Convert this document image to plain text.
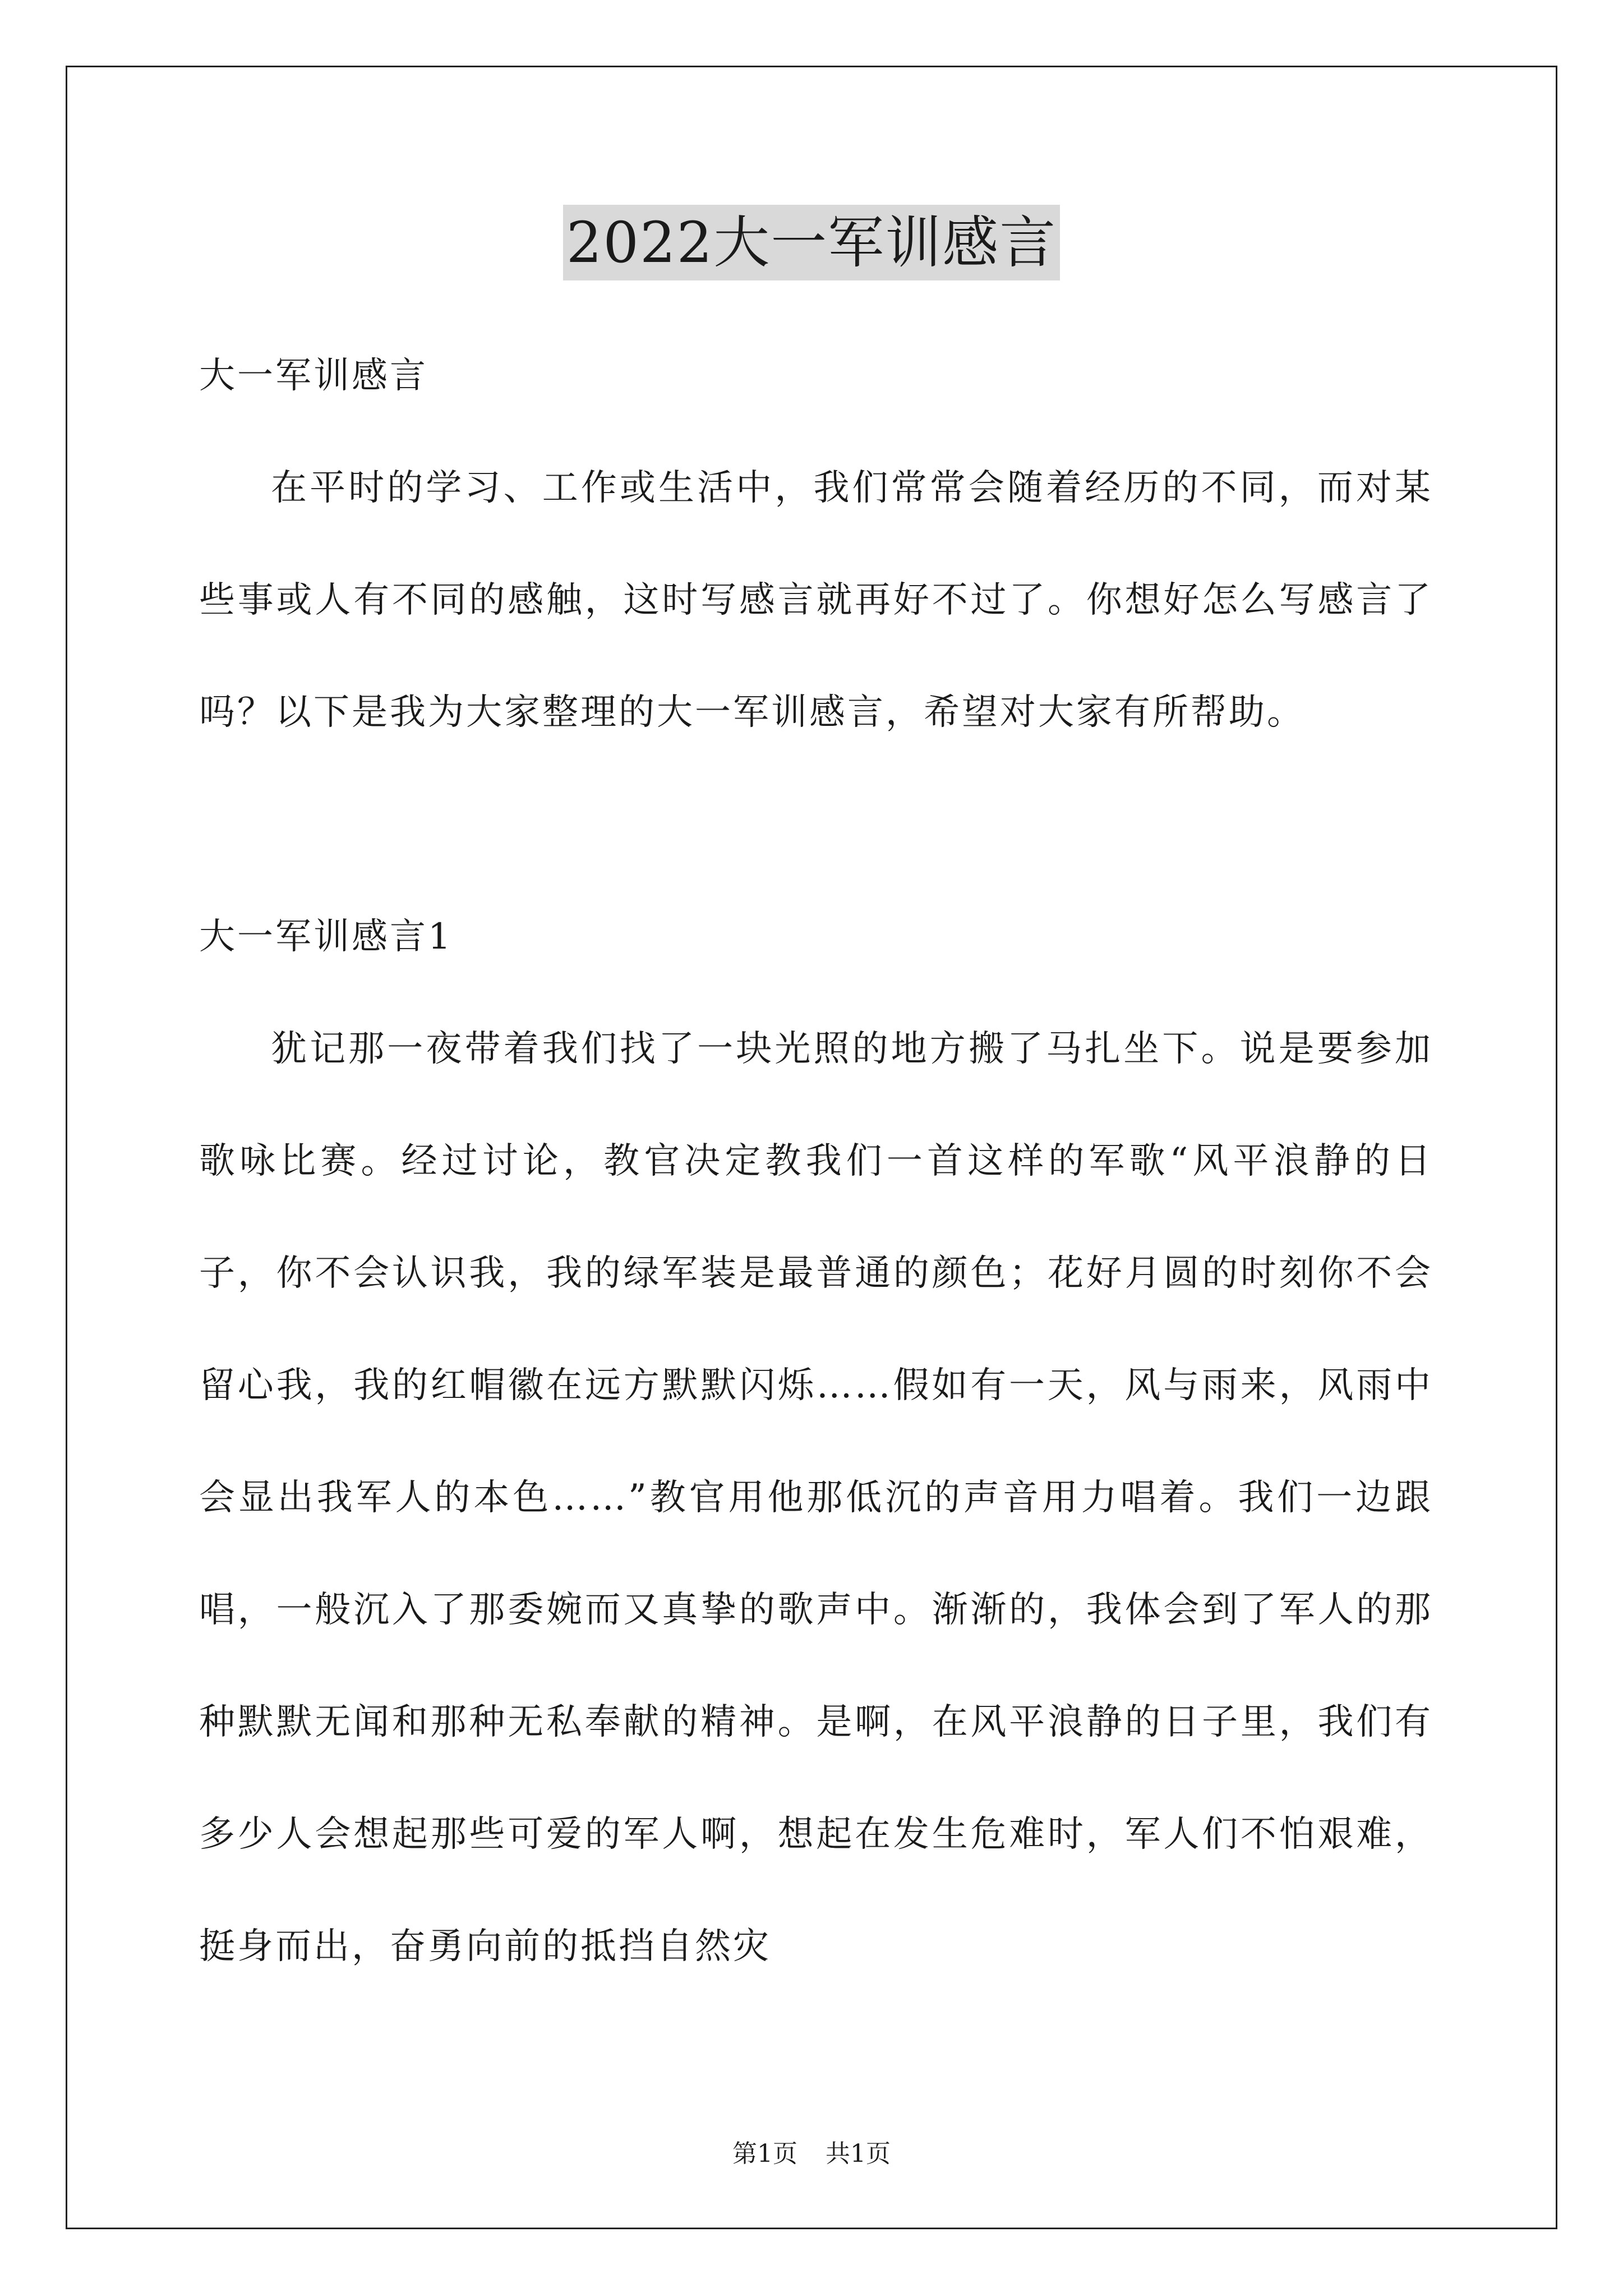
2022大一军训感言

大一军训感言

在平时的学习、工作或生活中，我们常常会随着经历的不同，而对某些事或人有不同的感触，这时写感言就再好不过了。你想好怎么写感言了吗？以下是我为大家整理的大一军训感言，希望对大家有所帮助。

大一军训感言1

犹记那一夜带着我们找了一块光照的地方搬了马扎坐下。说是要参加歌咏比赛。经过讨论，教官决定教我们一首这样的军歌“风平浪静的日子，你不会认识我，我的绿军装是最普通的颜色；花好月圆的时刻你不会留心我，我的红帽徽在远方默默闪烁……假如有一天，风与雨来，风雨中会显出我军人的本色……”教官用他那低沉的声音用力唱着。我们一边跟唱，一般沉入了那委婉而又真挚的歌声中。渐渐的，我体会到了军人的那种默默无闻和那种无私奉献的精神。是啊，在风平浪静的日子里，我们有多少人会想起那些可爱的军人啊，想起在发生危难时，军人们不怕艰难，挺身而出，奋勇向前的抵挡自然灾

第1页 共1页
